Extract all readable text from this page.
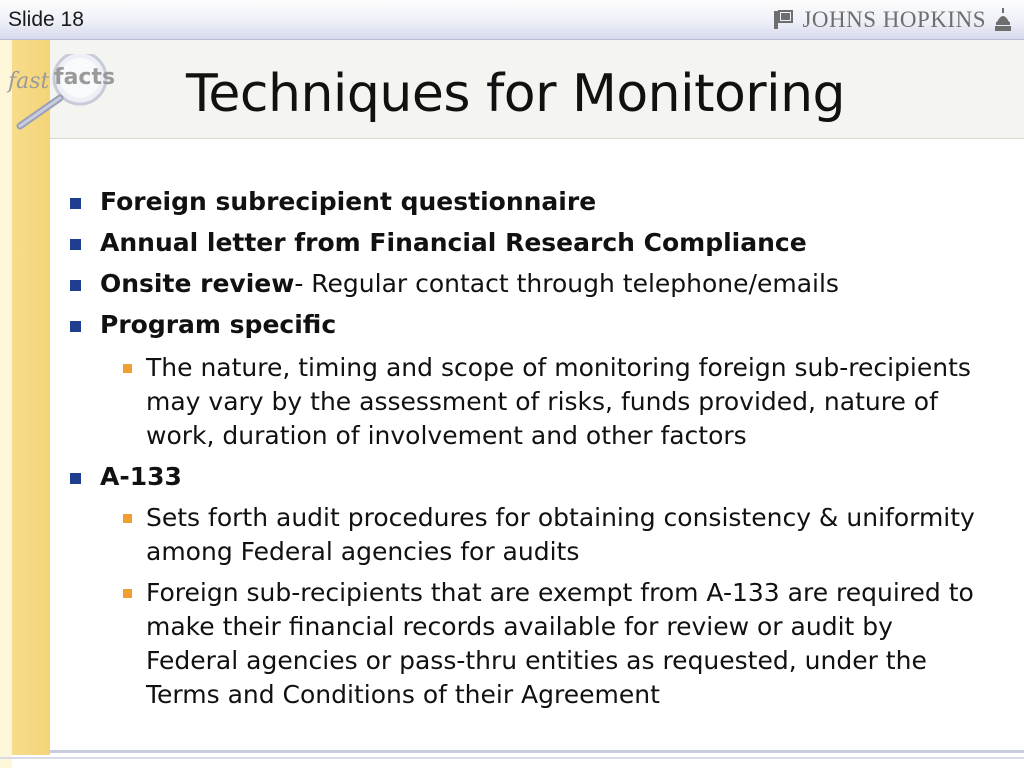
Slide 18	JOHNS HOPKINS
Techniques for Monitoring
fast facts
Foreign subrecipient questionnaire
Annual letter from Financial Research Compliance
Onsite review- Regular contact through telephone/emails
Program specific
The nature, timing and scope of monitoring foreign sub-recipients may vary by the assessment of risks, funds provided, nature of work, duration of involvement and other factors
A-133
Sets forth audit procedures for obtaining consistency & uniformity among Federal agencies for audits
Foreign sub-recipients that are exempt from A-133 are required to make their financial records available for review or audit by Federal agencies or pass-thru entities as requested, under the Terms and Conditions of their Agreement
